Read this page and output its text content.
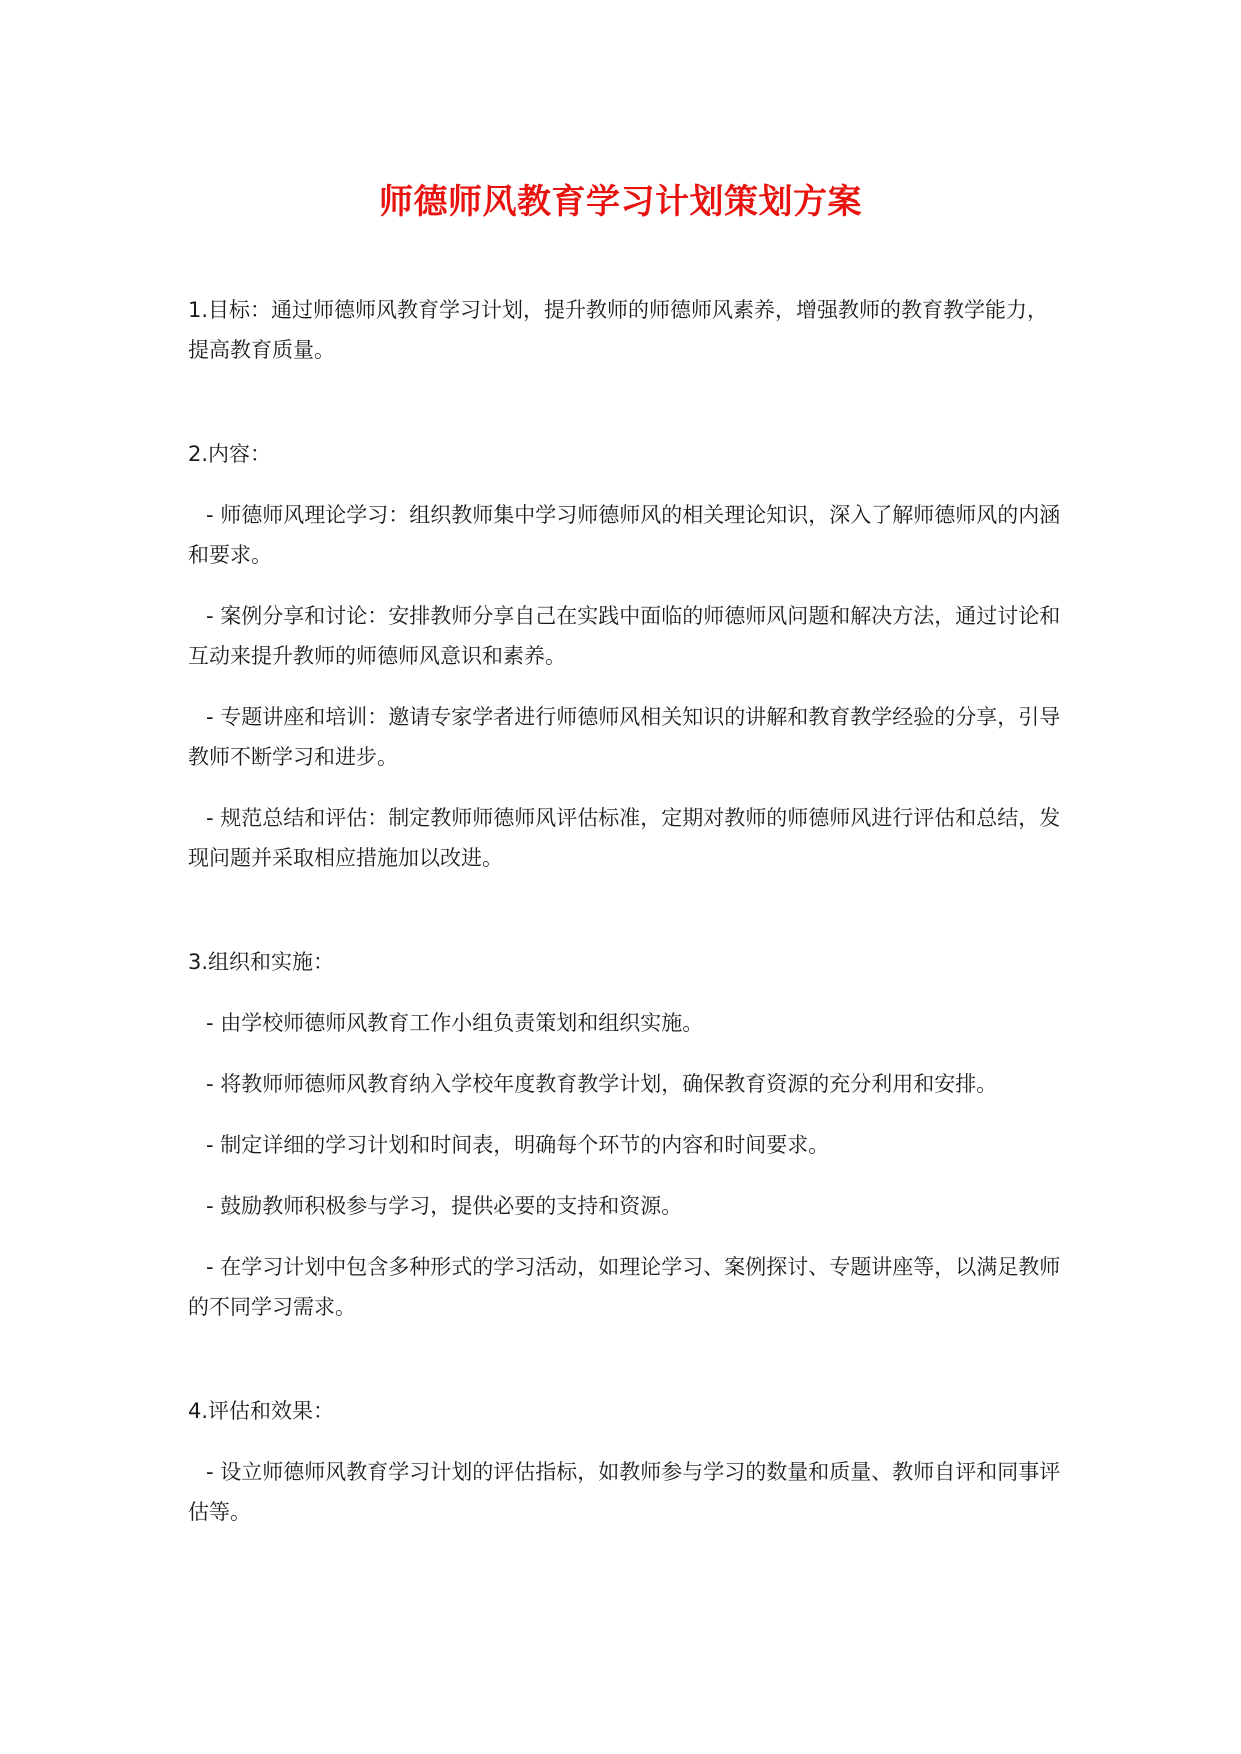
师德师风教育学习计划策划方案

1.目标：通过师德师风教育学习计划，提升教师的师德师风素养，增强教师的教育教学能力，提高教育质量。

2.内容：

- 师德师风理论学习：组织教师集中学习师德师风的相关理论知识，深入了解师德师风的内涵和要求。

- 案例分享和讨论：安排教师分享自己在实践中面临的师德师风问题和解决方法，通过讨论和互动来提升教师的师德师风意识和素养。

- 专题讲座和培训：邀请专家学者进行师德师风相关知识的讲解和教育教学经验的分享，引导教师不断学习和进步。

- 规范总结和评估：制定教师师德师风评估标准，定期对教师的师德师风进行评估和总结，发现问题并采取相应措施加以改进。

3.组织和实施：

- 由学校师德师风教育工作小组负责策划和组织实施。

- 将教师师德师风教育纳入学校年度教育教学计划，确保教育资源的充分利用和安排。

- 制定详细的学习计划和时间表，明确每个环节的内容和时间要求。

- 鼓励教师积极参与学习，提供必要的支持和资源。

- 在学习计划中包含多种形式的学习活动，如理论学习、案例探讨、专题讲座等，以满足教师的不同学习需求。

4.评估和效果：

- 设立师德师风教育学习计划的评估指标，如教师参与学习的数量和质量、教师自评和同事评估等。
